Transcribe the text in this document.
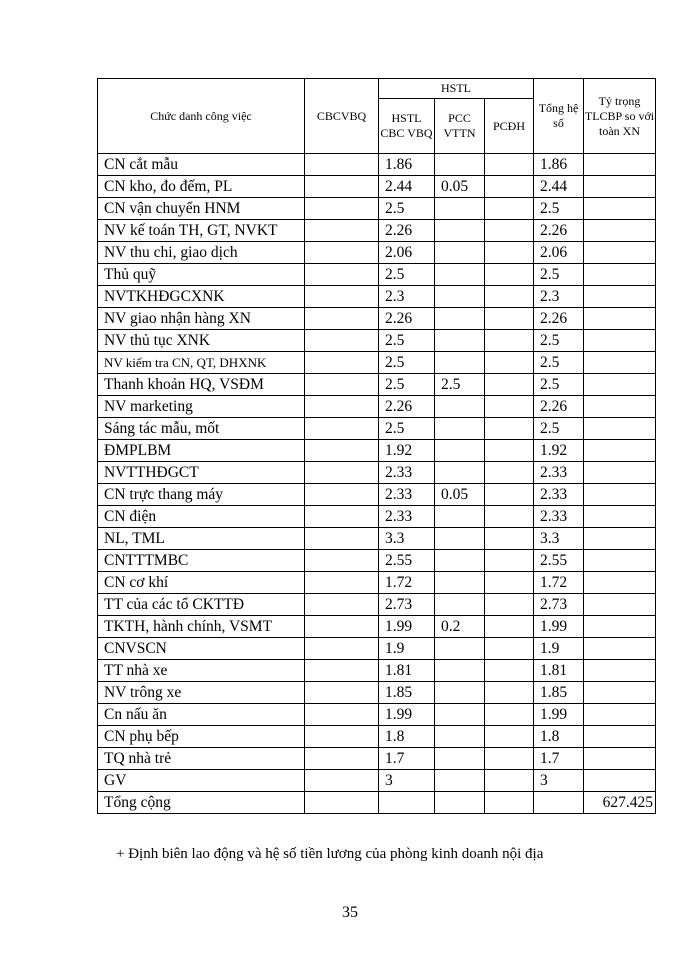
Chức danh công việc	CBCVBQ	HSTL			Tổng hệ số	Tỷ trọng TLCBP so với toàn XN
		HSTL CBC VBQ	PCC VTTN	PCĐH		
CN cắt mẫu		1.86			1.86	
CN kho, đo đếm, PL		2.44	0.05		2.44	
CN vận chuyển HNM		2.5			2.5	
NV kế toán TH, GT, NVKT		2.26			2.26	
NV thu chi, giao dịch		2.06			2.06	
Thủ quỹ		2.5			2.5	
NVTKHĐGCXNK		2.3			2.3	
NV giao nhận hàng XN		2.26			2.26	
NV thủ tục XNK		2.5			2.5	
NV kiểm tra CN, QT, DHXNK		2.5			2.5	
Thanh khoản HQ, VSĐM		2.5	2.5		2.5	
NV marketing		2.26			2.26	
Sáng tác mẫu, mốt		2.5			2.5	
ĐMPLBM		1.92			1.92	
NVTTHĐGCT		2.33			2.33	
CN trực thang máy		2.33	0.05		2.33	
CN điện		2.33			2.33	
NL, TML		3.3			3.3	
CNTTTMBC		2.55			2.55	
CN cơ khí		1.72			1.72	
TT của các tổ CKTTĐ		2.73			2.73	
TKTH, hành chính, VSMT		1.99	0.2		1.99	
CNVSCN		1.9			1.9	
TT nhà xe		1.81			1.81	
NV trông xe		1.85			1.85	
Cn nấu ăn		1.99			1.99	
CN phụ bếp		1.8			1.8	
TQ nhà trẻ		1.7			1.7	
GV		3			3	
Tổng cộng						627.425
+ Định biên lao động và hệ số tiền lương của phòng kinh doanh nội địa
35
